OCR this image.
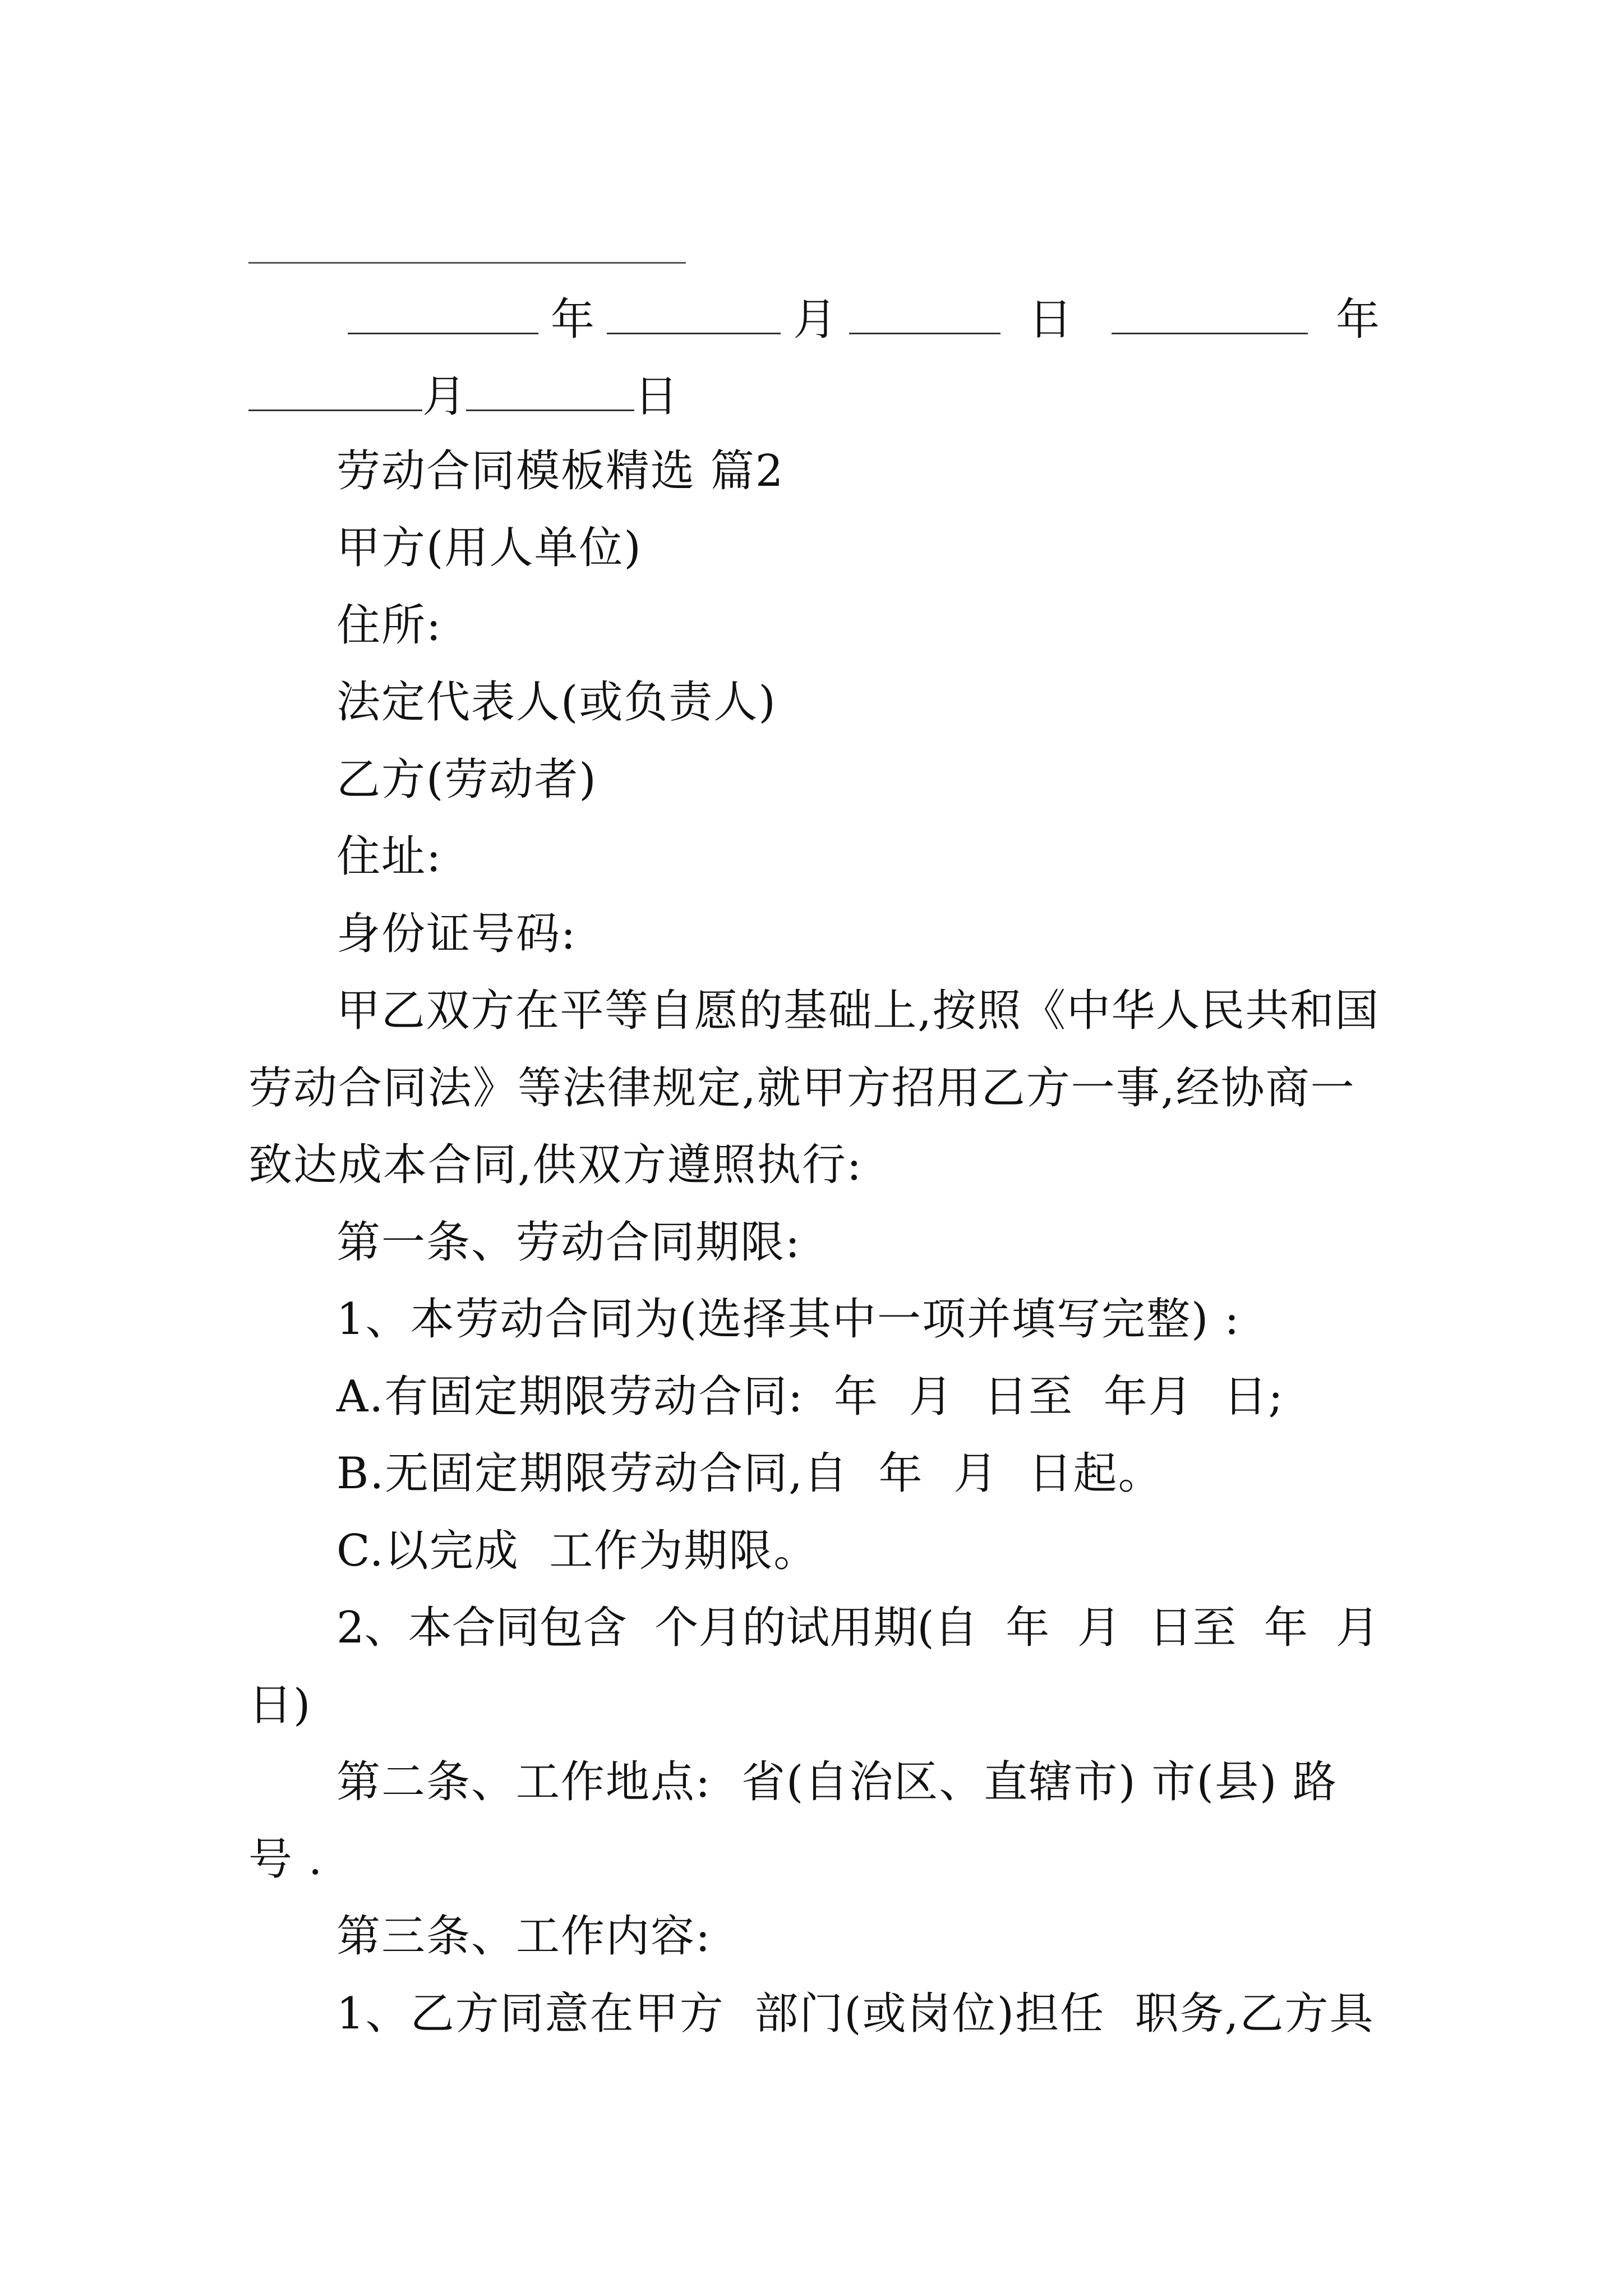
年	月	日	年
月	日
劳动合同模板精选 篇2
甲方(用人单位)
住所:
法定代表人(或负责人)
乙方(劳动者)
住址:
身份证号码:
甲乙双方在平等自愿的基础上,按照《中华人民共和国
劳动合同法》等法律规定,就甲方招用乙方一事,经协商一
致达成本合同,供双方遵照执行:
第一条、劳动合同期限:
1、本劳动合同为(选择其中一项并填写完整) :
A.有固定期限劳动合同:  年  月  日至  年月  日;
B.无固定期限劳动合同,自  年  月  日起。
C.以完成  工作为期限。
2、本合同包含  个月的试用期(自  年  月  日至  年  月
日)
第二条、工作地点:  省(自治区、直辖市) 市(县) 路
号 .
第三条、工作内容:
1、乙方同意在甲方  部门(或岗位)担任  职务,乙方具
